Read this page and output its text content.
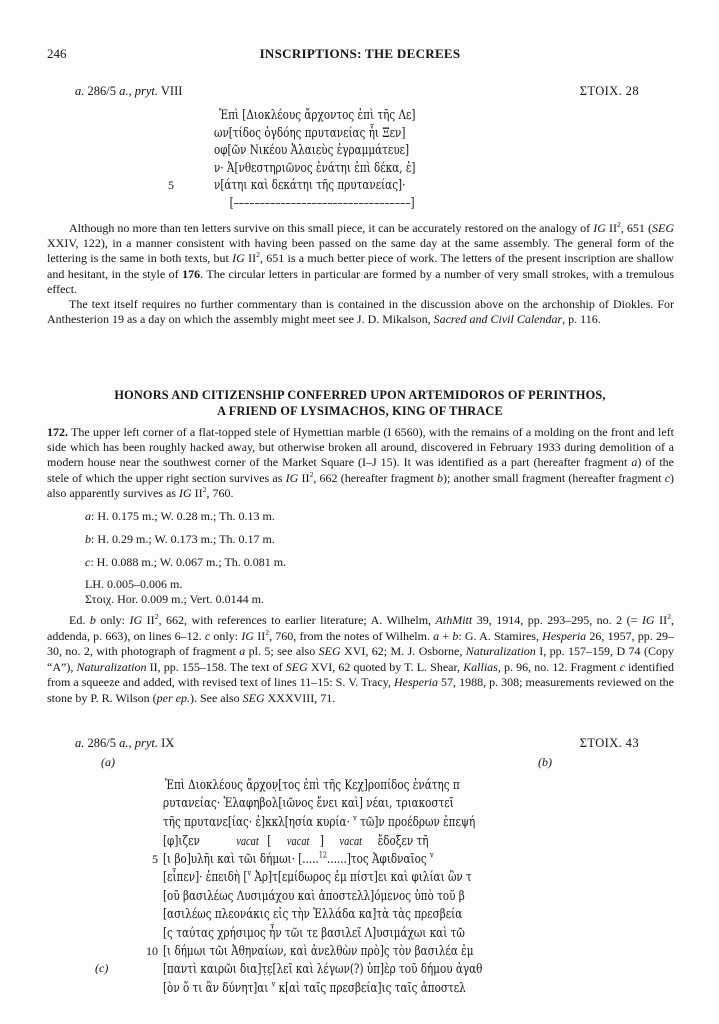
246	INSCRIPTIONS: THE DECREES
a. 286/5 a., pryt. VIII	ΣΤΟΙΧ. 28
 Ἐπὶ [Διοκλέους ἄρχοντος ἐπὶ τῆς Λε]
ων[τίδος ὀγδόης πρυτανείας ἧι Ξεν]
οφ[ῶν Νικέου Ἁλαιεὺς ἐγραμμάτευε]
ν· Ἀ[νθεστηριῶνος ἐνάτηι ἐπὶ δέκα, ἐ]
5	ν[άτηι καὶ δεκάτηι τῆς πρυτανείας]·
  [––––––––––––––––––––––––––––––––––]

Although no more than ten letters survive on this small piece, it can be accurately restored on the analogy of IG $II^2$, 651 (SEG XXIV, 122), in a manner consistent with having been passed on the same day at the same assembly. The general form of the lettering is the same in both texts, but IG $II^2$, 651 is a much better piece of work. The letters of the present inscription are shallow and hesitant, in the style of 176. The circular letters in particular are formed by a number of very small strokes, with a tremulous effect.

The text itself requires no further commentary than is contained in the discussion above on the archonship of Diokles. For Anthesterion 19 as a day on which the assembly might meet see J. D. Mikalson, Sacred and Civil Calendar, p. 116.

HONORS AND CITIZENSHIP CONFERRED UPON ARTEMIDOROS OF PERINTHOS,
A FRIEND OF LYSIMACHOS, KING OF THRACE

172. The upper left corner of a flat-topped stele of Hymettian marble (I 6560), with the remains of a molding on the front and left side which has been roughly hacked away, but otherwise broken all around, discovered in February 1933 during demolition of a modern house near the southwest corner of the Market Square (I–J 15). It was identified as a part (hereafter fragment a) of the stele of which the upper right section survives as IG $II^2$, 662 (hereafter fragment b); another small fragment (hereafter fragment c) also apparently survives as IG $II^2$, 760.

a: H. 0.175 m.; W. 0.28 m.; Th. 0.13 m.

b: H. 0.29 m.; W. 0.173 m.; Th. 0.17 m.

c: H. 0.088 m.; W. 0.067 m.; Th. 0.081 m.

LH. 0.005–0.006 m.

Στοιχ. Hor. 0.009 m.; Vert. 0.0144 m.

Ed. b only: IG $II^2$, 662, with references to earlier literature; A. Wilhelm, AthMitt 39, 1914, pp. 293–295, no. 2 (= IG $II^2$, addenda, p. 663), on lines 6–12. c only: IG $II^2$, 760, from the notes of Wilhelm. a + b: G. A. Stamires, Hesperia 26, 1957, pp. 29–30, no. 2, with photograph of fragment a pl. 5; see also SEG XVI, 62; M. J. Osborne, Naturalization I, pp. 157–159, D 74 (Copy “A”), Naturalization II, pp. 155–158. The text of SEG XVI, 62 quoted by T. L. Shear, Kallias, p. 96, no. 12. Fragment c identified from a squeeze and added, with revised text of lines 11–15: S. V. Tracy, Hesperia 57, 1988, p. 308; measurements reviewed on the stone by P. R. Wilson (per ep.). See also SEG XXXVIII, 71.

a. 286/5 a., pryt. IX	ΣΤΟΙΧ. 43
(a)	(b)
(c)
 Ἐπὶ Διοκλέους ἄρχον̣[τος ἐπὶ τῆς Κεχ]ροπίδος ἐνάτης π
ρυτανείας· Ἐλαφηβολ[ιῶνος ἔνει καὶ] νέαι, τριακοστεῖ
τῆς πρυτανε[ίας· ἐ]κκλ[ησία κυρία· $^v$ τῶ]ν προέδρων ἐπεψή
[φ]ιζεν    vacat  [  vacat ]  vacat  ἔδοξεν τῆ
5 [ι βο]υλῆι καὶ τῶι δήμωι· [.....$^{12}$......]τος Ἀφιδναῖος $^v$
[εἶπεν]· ἐπειδὴ [$^v$ Ἀρ]τ[εμίδωρος ἐμ πίστ]ει καὶ φιλίαι ὢν τ
[οῦ βασιλέως Λυσιμάχου καὶ ἀποστελλ]όμενος ὑπὸ τοῦ β
[ασιλέως πλεονάκις εἰς τὴν Ἑλλάδα κα]τὰ τὰς πρεσβεία
[ς ταύτας χρήσιμος ἦν τῶι τε βασιλεῖ Λ]υσιμάχωι καὶ τῶ
10 [ι δήμωι τῶι Ἀθηναίων, καὶ ἀνελθὼν πρὸ]ς τὸν βασιλέα ἐμ
[παντὶ καιρῶι δια]τ̣ε̣[λεῖ καὶ λέγων(?) ὑπ]ὲρ τοῦ δήμου ἀγαθ
[ὸν ὅ τι ἂν δύνητ]αι $^v$ κ[αὶ ταῖς πρεσβεία]ις ταῖς ἀποστελ
